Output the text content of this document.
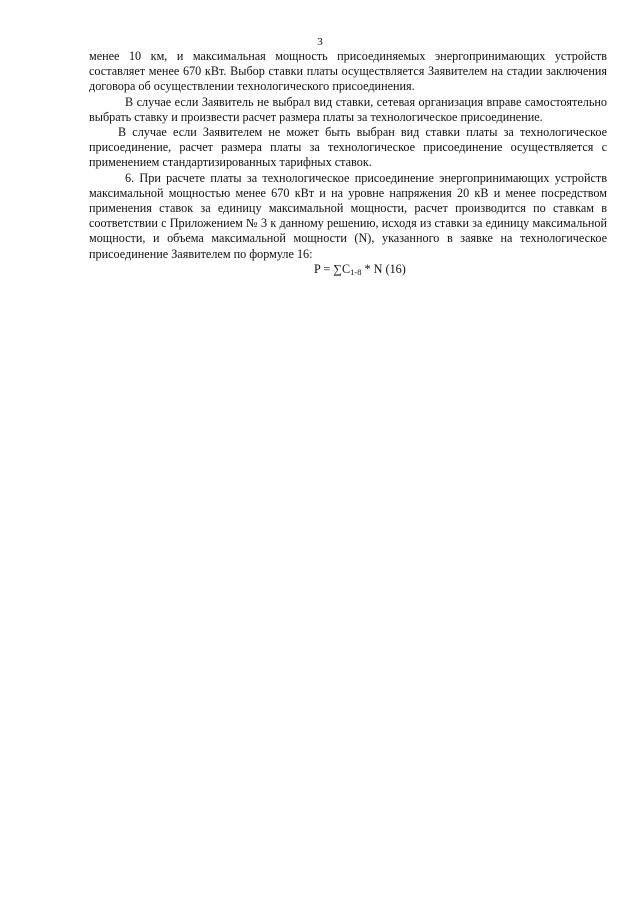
3

менее 10 км, и максимальная мощность присоединяемых энергопринимающих устройств составляет менее 670 кВт. Выбор ставки платы осуществляется Заявителем на стадии заключения договора об осуществлении технологического присоединения.

В случае если Заявитель не выбрал вид ставки, сетевая организация вправе самостоятельно выбрать ставку и произвести расчет размера платы за технологическое присоединение.

В случае если Заявителем не может быть выбран вид ставки платы за технологическое присоединение, расчет размера платы за технологическое присоединение осуществляется с применением стандартизированных тарифных ставок.

6. При расчете платы за технологическое присоединение энергопринимающих устройств максимальной мощностью менее 670 кВт и на уровне напряжения 20 кВ и менее посредством применения ставок за единицу максимальной мощности, расчет производится по ставкам в соответствии с Приложением № 3 к данному решению, исходя из ставки за единицу максимальной мощности, и объема максимальной мощности (N), указанного в заявке на технологическое присоединение Заявителем по формуле 16:

$P = \sum C_{1-8} * N$ (16)
